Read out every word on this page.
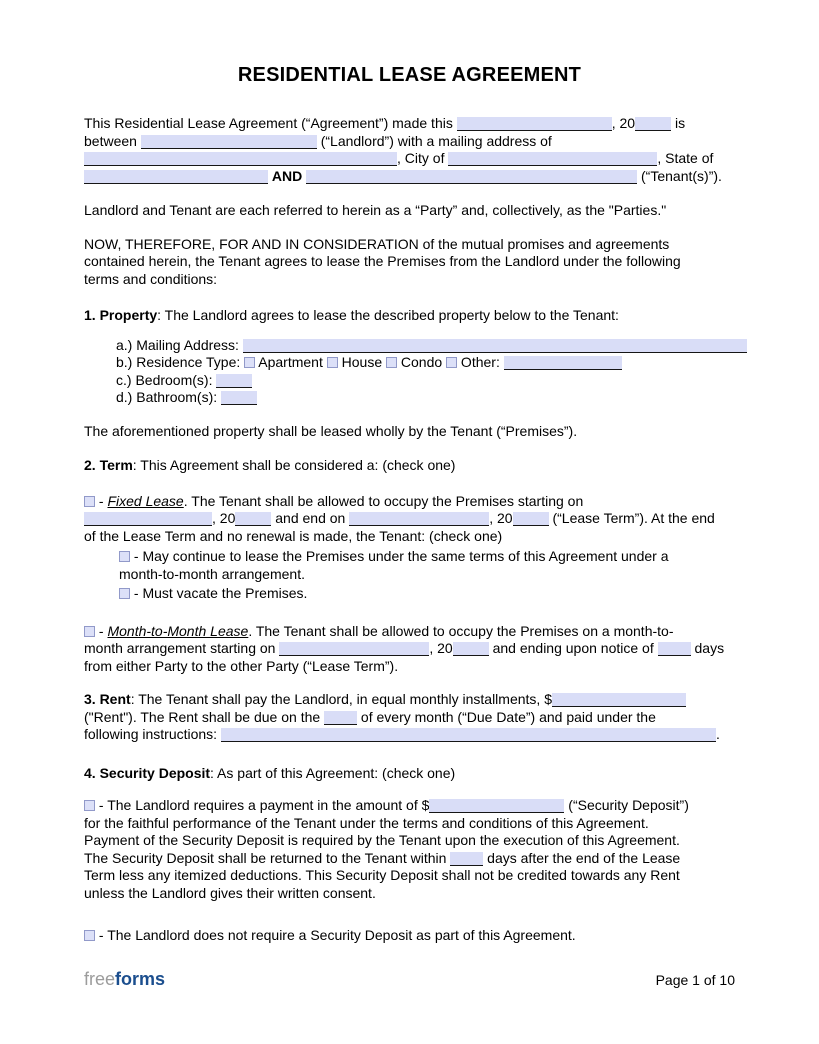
RESIDENTIAL LEASE AGREEMENT
This Residential Lease Agreement (“Agreement”) made this	, 20	is
between	(“Landlord”) with a mailing address of
, City of	, State of
AND	(“Tenant(s)”).
Landlord and Tenant are each referred to herein as a “Party” and, collectively, as the "Parties."
NOW, THEREFORE, FOR AND IN CONSIDERATION of the mutual promises and agreements
contained herein, the Tenant agrees to lease the Premises from the Landlord under the following
terms and conditions:
1. Property: The Landlord agrees to lease the described property below to the Tenant:
a.) Mailing Address:
b.) Residence Type:  Apartment  House  Condo  Other:
c.) Bedroom(s):
d.) Bathroom(s):
The aforementioned property shall be leased wholly by the Tenant (“Premises”).
2. Term: This Agreement shall be considered a: (check one)
- Fixed Lease. The Tenant shall be allowed to occupy the Premises starting on
, 20	and end on	, 20	(“Lease Term”). At the end
of the Lease Term and no renewal is made, the Tenant: (check one)
- May continue to lease the Premises under the same terms of this Agreement under a
month-to-month arrangement.
- Must vacate the Premises.
- Month-to-Month Lease. The Tenant shall be allowed to occupy the Premises on a month-to-
month arrangement starting on	, 20	and ending upon notice of  days
from either Party to the other Party (“Lease Term”).
3. Rent: The Tenant shall pay the Landlord, in equal monthly installments, $
("Rent"). The Rent shall be due on the  of every month (“Due Date”) and paid under the
following instructions:	.
4. Security Deposit: As part of this Agreement: (check one)
- The Landlord requires a payment in the amount of $	(“Security Deposit”)
for the faithful performance of the Tenant under the terms and conditions of this Agreement.
Payment of the Security Deposit is required by the Tenant upon the execution of this Agreement.
The Security Deposit shall be returned to the Tenant within  days after the end of the Lease
Term less any itemized deductions. This Security Deposit shall not be credited towards any Rent
unless the Landlord gives their written consent.
- The Landlord does not require a Security Deposit as part of this Agreement.
freeforms	Page 1 of 10
